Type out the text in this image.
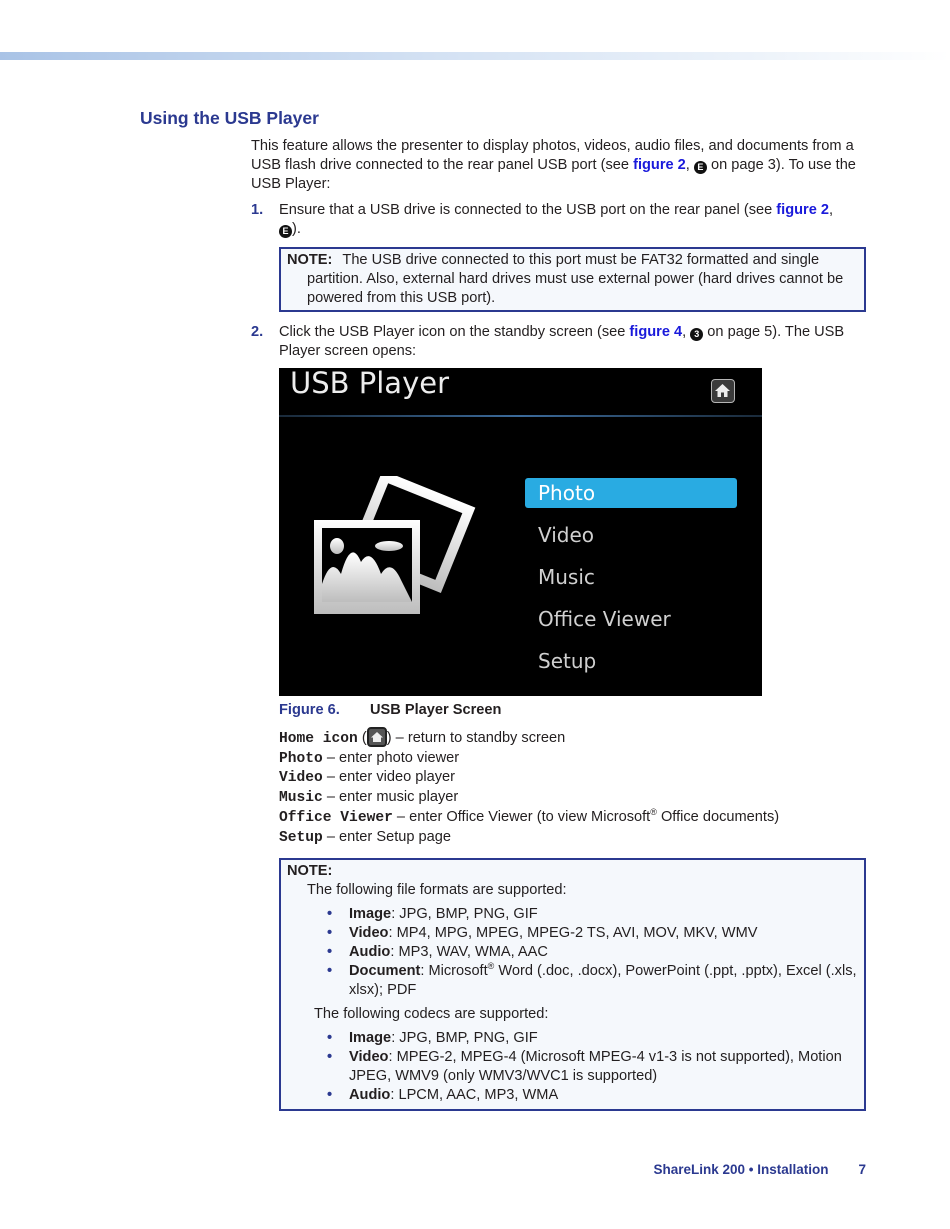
Using the USB Player

This feature allows the presenter to display photos, videos, audio files, and documents from a USB flash drive connected to the rear panel USB port (see figure 2, E on page 3). To use the USB Player:

1. Ensure that a USB drive is connected to the USB port on the rear panel (see figure 2,
E ).
NOTE: The USB drive connected to this port must be FAT32 formatted and single partition. Also, external hard drives must use external power (hard drives cannot be powered from this USB port).
2. Click the USB Player icon on the standby screen (see figure 4, 3 on page 5). The USB Player screen opens:
USB Player
Photo
Video
Music
Office Viewer
Setup
Figure 6. USB Player Screen
Home icon ( ) – return to standby screen
Photo – enter photo viewer
Video – enter video player
Music – enter music player
Office Viewer – enter Office Viewer (to view Microsoft® Office documents)
Setup – enter Setup page
NOTE:
The following file formats are supported:
• Image: JPG, BMP, PNG, GIF
• Video: MP4, MPG, MPEG, MPEG-2 TS, AVI, MOV, MKV, WMV
• Audio: MP3, WAV, WMA, AAC
• Document: Microsoft® Word (.doc, .docx), PowerPoint (.ppt, .pptx), Excel (.xls, xlsx); PDF
The following codecs are supported:
• Image: JPG, BMP, PNG, GIF
• Video: MPEG-2, MPEG-4 (Microsoft MPEG-4 v1-3 is not supported), Motion JPEG, WMV9 (only WMV3/WVC1 is supported)
• Audio: LPCM, AAC, MP3, WMA
ShareLink 200 • Installation 7
